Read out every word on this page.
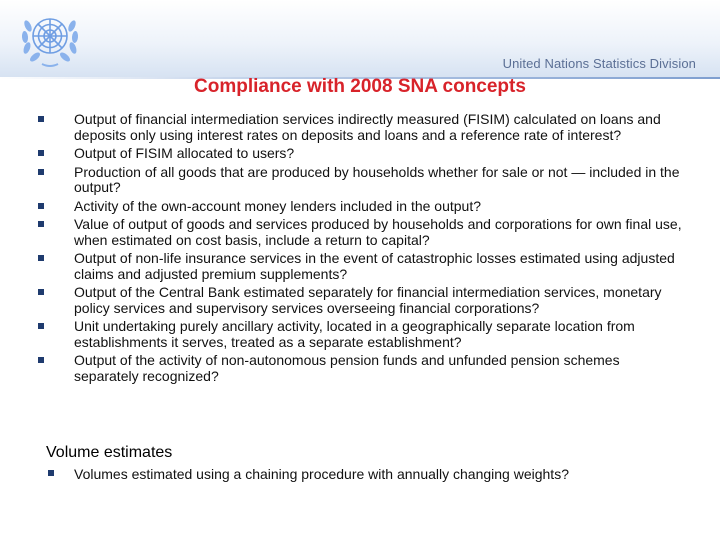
United Nations Statistics Division
Compliance with 2008 SNA concepts
Output of financial intermediation services indirectly measured (FISIM) calculated on loans and deposits only using interest rates on deposits and loans and a reference rate of interest?
Output of FISIM allocated to users?
Production of all goods that are produced by households whether for sale or not — included in the output?
Activity of the own-account money lenders included in the output?
Value of output of goods and services produced by households and corporations for own final use, when estimated on cost basis, include a return to capital?
Output of non-life insurance services in the event of catastrophic losses estimated using adjusted claims and adjusted premium supplements?
Output of the Central Bank estimated separately for financial intermediation services, monetary policy services and supervisory services overseeing financial corporations?
Unit undertaking purely ancillary activity, located in a geographically separate location from establishments it serves, treated as a separate establishment?
Output of the activity of non-autonomous pension funds and unfunded pension schemes separately recognized?
Volume estimates
Volumes estimated using a chaining procedure with annually changing weights?
